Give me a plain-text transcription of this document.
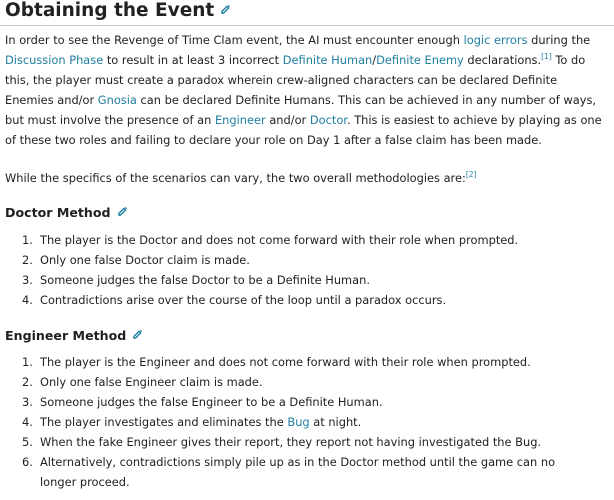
Obtaining the Event

In order to see the Revenge of Time Clam event, the AI must encounter enough logic errors during the Discussion Phase to result in at least 3 incorrect Definite Human/Definite Enemy declarations.[1] To do this, the player must create a paradox wherein crew-aligned characters can be declared Definite Enemies and/or Gnosia can be declared Definite Humans. This can be achieved in any number of ways, but must involve the presence of an Engineer and/or Doctor. This is easiest to achieve by playing as one of these two roles and failing to declare your role on Day 1 after a false claim has been made.

While the specifics of the scenarios can vary, the two overall methodologies are:[2]

Doctor Method
1. The player is the Doctor and does not come forward with their role when prompted.
2. Only one false Doctor claim is made.
3. Someone judges the false Doctor to be a Definite Human.
4. Contradictions arise over the course of the loop until a paradox occurs.
Engineer Method
1. The player is the Engineer and does not come forward with their role when prompted.
2. Only one false Engineer claim is made.
3. Someone judges the false Engineer to be a Definite Human.
4. The player investigates and eliminates the Bug at night.
5. When the fake Engineer gives their report, they report not having investigated the Bug.
6. Alternatively, contradictions simply pile up as in the Doctor method until the game can no longer proceed.
